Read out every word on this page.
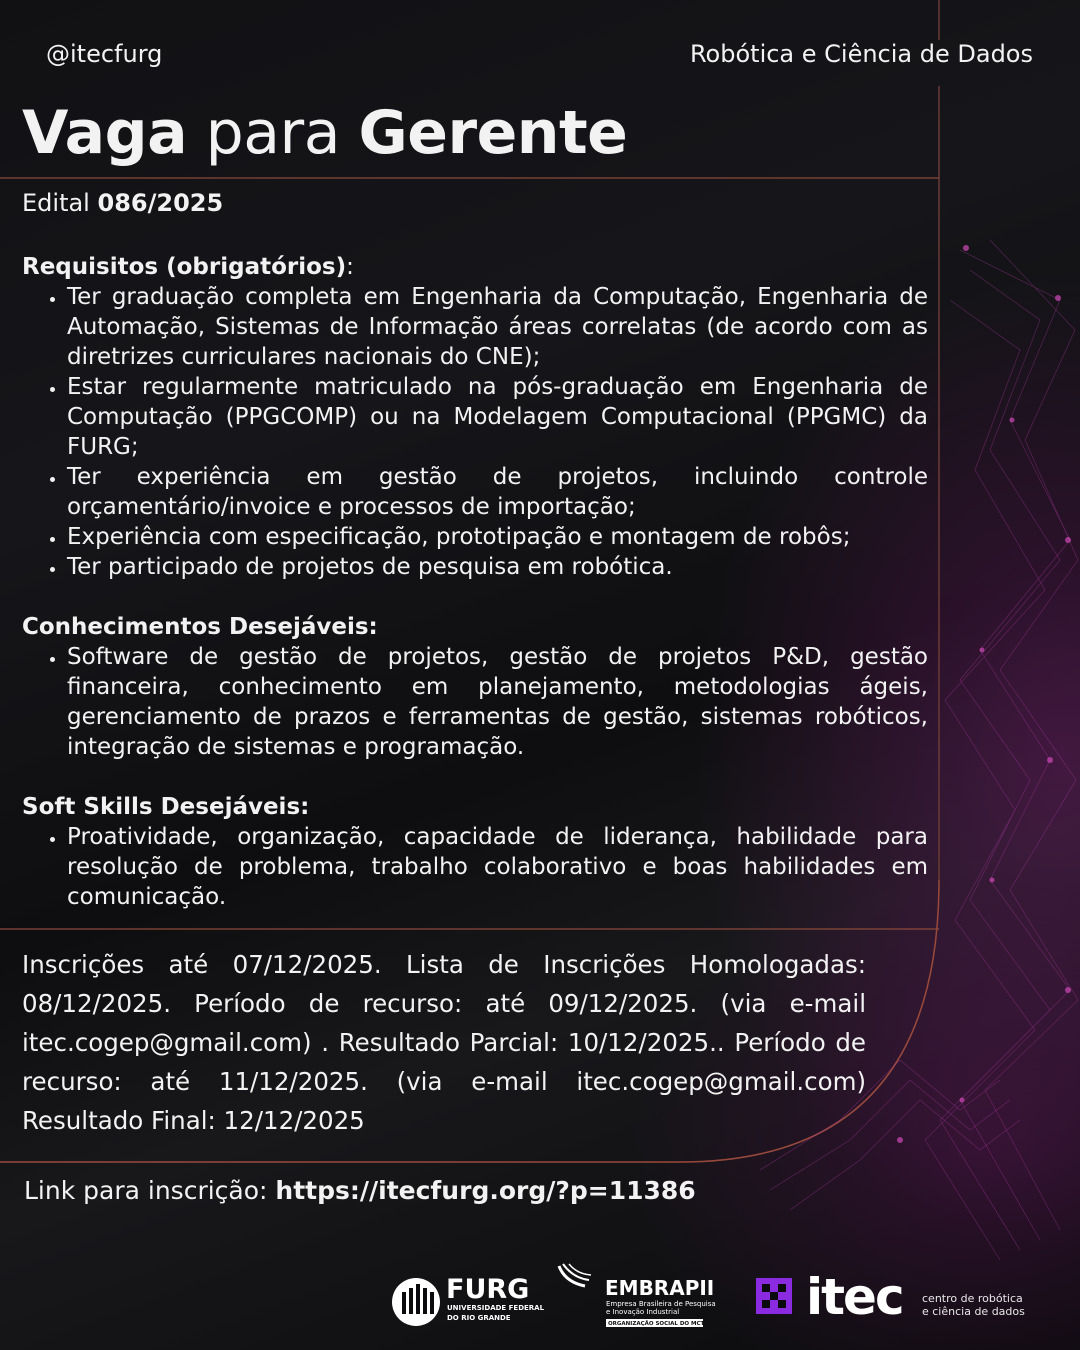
@itecfurg	Robótica e Ciência de Dados
Vaga para Gerente
Edital 086/2025
Requisitos (obrigatórios):
• Ter graduação completa em Engenharia da Computação, Engenharia de Automação, Sistemas de Informação áreas correlatas (de acordo com as diretrizes curriculares nacionais do CNE);
• Estar regularmente matriculado na pós-graduação em Engenharia de Computação (PPGCOMP) ou na Modelagem Computacional (PPGMC) da FURG;
• Ter experiência em gestão de projetos, incluindo controle orçamentário/invoice e processos de importação;
• Experiência com especificação, prototipação e montagem de robôs;
• Ter participado de projetos de pesquisa em robótica.
Conhecimentos Desejáveis:
• Software de gestão de projetos, gestão de projetos P&D, gestão financeira, conhecimento em planejamento, metodologias ágeis, gerenciamento de prazos e ferramentas de gestão, sistemas robóticos, integração de sistemas e programação.
Soft Skills Desejáveis:
• Proatividade, organização, capacidade de liderança, habilidade para resolução de problema, trabalho colaborativo e boas habilidades em comunicação.
Inscrições até 07/12/2025. Lista de Inscrições Homologadas: 08/12/2025. Período de recurso: até 09/12/2025. (via e-mail itec.cogep@gmail.com) . Resultado Parcial: 10/12/2025.. Período de recurso: até 11/12/2025. (via e-mail itec.cogep@gmail.com) Resultado Final: 12/12/2025
Link para inscrição: https://itecfurg.org/?p=11386
FURG
UNIVERSIDADE FEDERAL
DO RIO GRANDE
EMBRAPII
Empresa Brasileira de Pesquisa
e Inovação Industrial
ORGANIZAÇÃO SOCIAL DO MCTI itec centro de robótica
e ciência de dados
